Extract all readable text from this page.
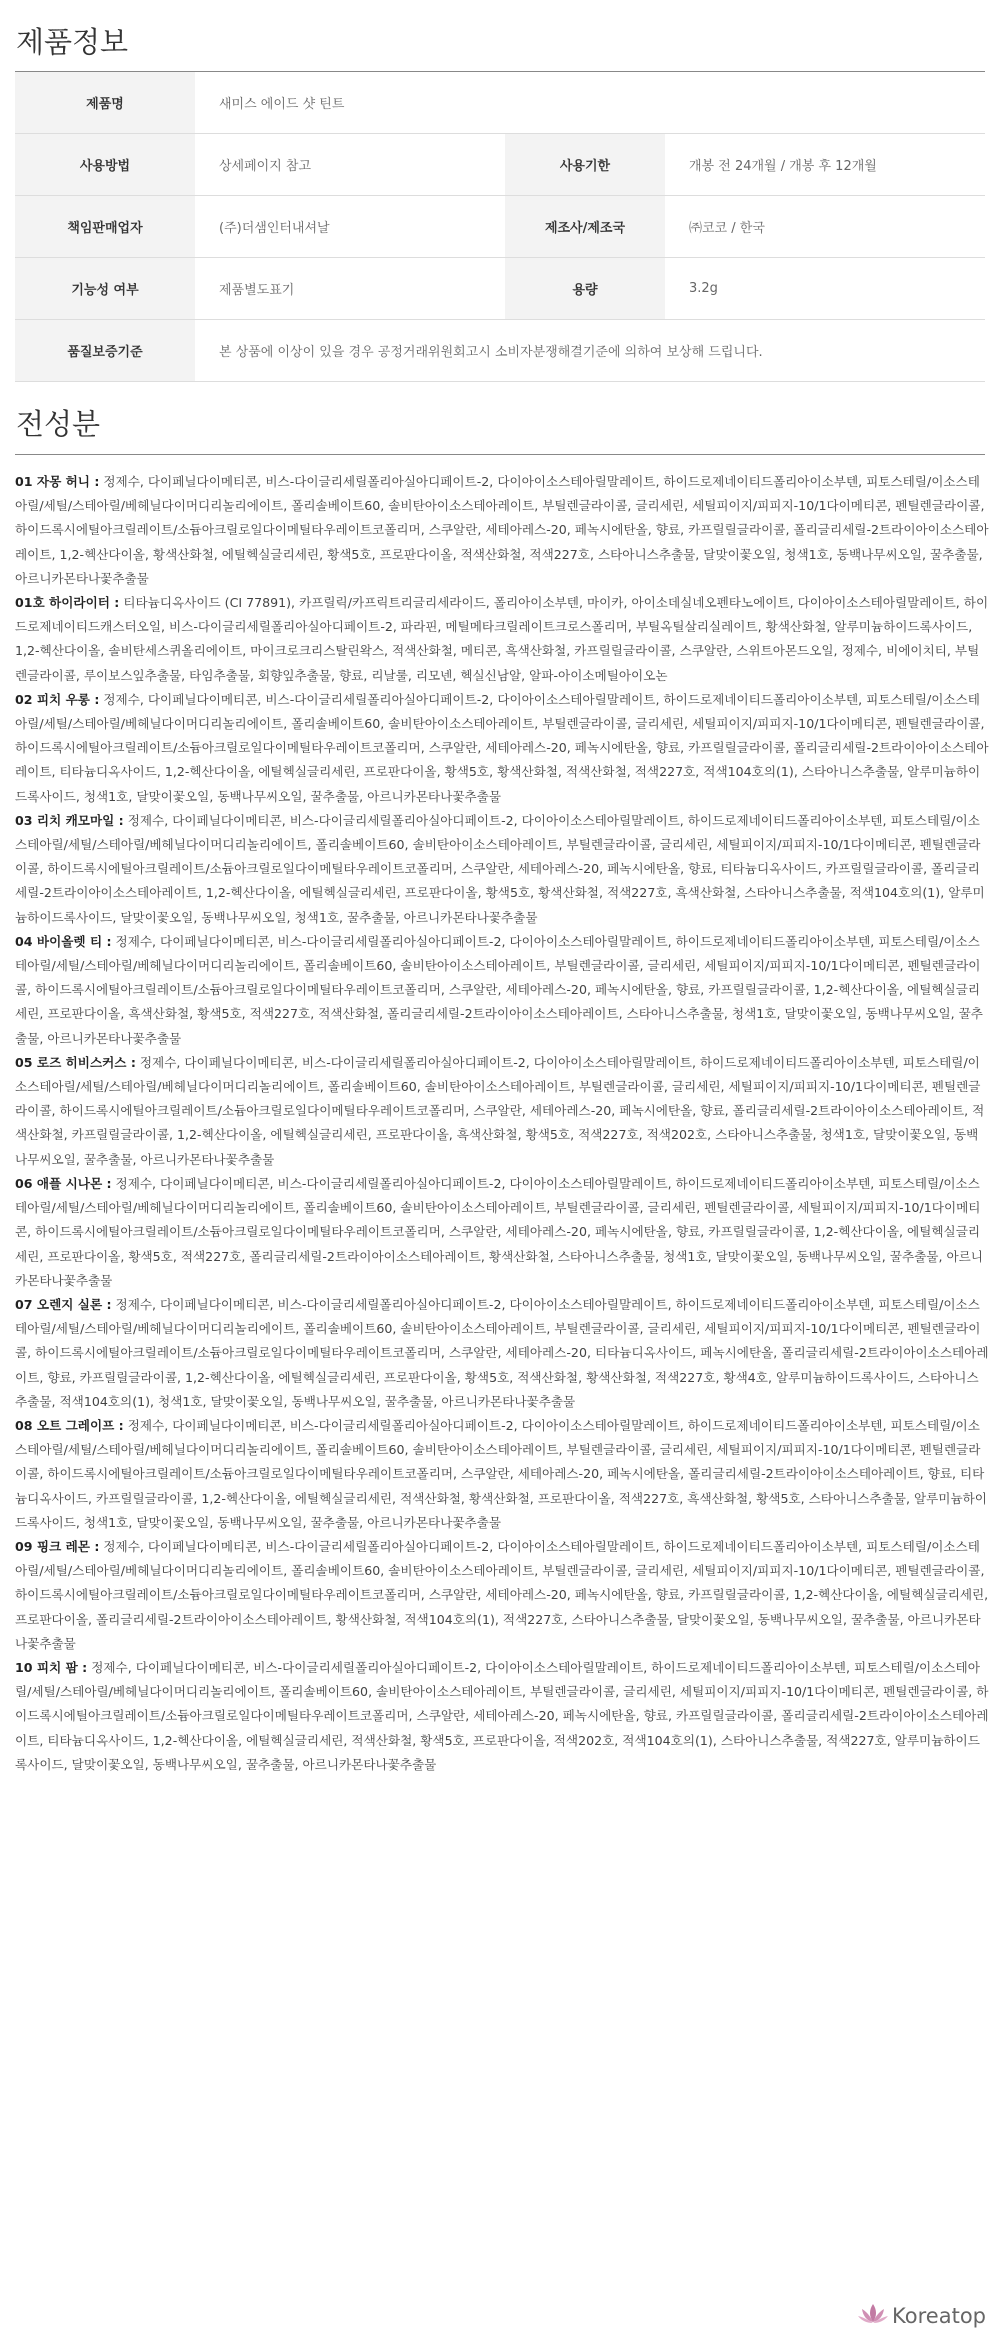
제품정보
제품명	새미스 에이드 샷 틴트		
사용방법	상세페이지 참고	사용기한	개봉 전 24개월 / 개봉 후 12개월
책임판매업자	(주)더샘인터내셔날	제조사/제조국	㈜코코 / 한국
기능성 여부	제품별도표기	용량	3.2g
품질보증기준	본 상품에 이상이 있을 경우 공정거래위원회고시 소비자분쟁해결기준에 의하여 보상해 드립니다.		
전성분

01 자몽 허니 : 정제수, 다이페닐다이메티콘, 비스-다이글리세릴폴리아실아디페이트-2, 다이아이소스테아릴말레이트, 하이드로제네이티드폴리아이소부텐, 피토스테릴/이소스테아릴/세틸/스테아릴/베헤닐다이머디리놀리에이트, 폴리솔베이트60, 솔비탄아이소스테아레이트, 부틸렌글라이콜, 글리세린, 세틸피이지/피피지-10/1다이메티콘, 펜틸렌글라이콜, 하이드록시에틸아크릴레이트/소듐아크릴로일다이메틸타우레이트코폴리머, 스쿠알란, 세테아레스-20, 페녹시에탄올, 향료, 카프릴릴글라이콜, 폴리글리세릴-2트라이아이소스테아레이트, 1,2-헥산다이올, 황색산화철, 에틸헥실글리세린, 황색5호, 프로판다이올, 적색산화철, 적색227호, 스타아니스추출물, 달맞이꽃오일, 청색1호, 동백나무씨오일, 꿀추출물, 아르니카몬타나꽃추출물

01호 하이라이터 : 티타늄디옥사이드 (CI 77891), 카프릴릭/카프릭트리글리세라이드, 폴리아이소부텐, 마이카, 아이소데실네오펜타노에이트, 다이아이소스테아릴말레이트, 하이드로제네이티드캐스터오일, 비스-다이글리세릴폴리아실아디페이트-2, 파라핀, 메틸메타크릴레이트크로스폴리머, 부틸옥틸살리실레이트, 황색산화철, 알루미늄하이드록사이드, 1,2-헥산다이올, 솔비탄세스퀴올리에이트, 마이크로크리스탈린왁스, 적색산화철, 메티콘, 흑색산화철, 카프릴릴글라이콜, 스쿠알란, 스위트아몬드오일, 정제수, 비에이치티, 부틸렌글라이콜, 루이보스잎추출물, 타임추출물, 회향잎추출물, 향료, 리날룰, 리모넨, 헥실신남알, 알파-아이소메틸아이오논

02 피치 우롱 : 정제수, 다이페닐다이메티콘, 비스-다이글리세릴폴리아실아디페이트-2, 다이아이소스테아릴말레이트, 하이드로제네이티드폴리아이소부텐, 피토스테릴/이소스테아릴/세틸/스테아릴/베헤닐다이머디리놀리에이트, 폴리솔베이트60, 솔비탄아이소스테아레이트, 부틸렌글라이콜, 글리세린, 세틸피이지/피피지-10/1다이메티콘, 펜틸렌글라이콜, 하이드록시에틸아크릴레이트/소듐아크릴로일다이메틸타우레이트코폴리머, 스쿠알란, 세테아레스-20, 페녹시에탄올, 향료, 카프릴릴글라이콜, 폴리글리세릴-2트라이아이소스테아레이트, 티타늄디옥사이드, 1,2-헥산다이올, 에틸헥실글리세린, 프로판다이올, 황색5호, 황색산화철, 적색산화철, 적색227호, 적색104호의(1), 스타아니스추출물, 알루미늄하이드록사이드, 청색1호, 달맞이꽃오일, 동백나무씨오일, 꿀추출물, 아르니카몬타나꽃추출물

03 리치 캐모마일 : 정제수, 다이페닐다이메티콘, 비스-다이글리세릴폴리아실아디페이트-2, 다이아이소스테아릴말레이트, 하이드로제네이티드폴리아이소부텐, 피토스테릴/이소스테아릴/세틸/스테아릴/베헤닐다이머디리놀리에이트, 폴리솔베이트60, 솔비탄아이소스테아레이트, 부틸렌글라이콜, 글리세린, 세틸피이지/피피지-10/1다이메티콘, 펜틸렌글라이콜, 하이드록시에틸아크릴레이트/소듐아크릴로일다이메틸타우레이트코폴리머, 스쿠알란, 세테아레스-20, 페녹시에탄올, 향료, 티타늄디옥사이드, 카프릴릴글라이콜, 폴리글리세릴-2트라이아이소스테아레이트, 1,2-헥산다이올, 에틸헥실글리세린, 프로판다이올, 황색5호, 황색산화철, 적색227호, 흑색산화철, 스타아니스추출물, 적색104호의(1), 알루미늄하이드록사이드, 달맞이꽃오일, 동백나무씨오일, 청색1호, 꿀추출물, 아르니카몬타나꽃추출물

04 바이올렛 티 : 정제수, 다이페닐다이메티콘, 비스-다이글리세릴폴리아실아디페이트-2, 다이아이소스테아릴말레이트, 하이드로제네이티드폴리아이소부텐, 피토스테릴/이소스테아릴/세틸/스테아릴/베헤닐다이머디리놀리에이트, 폴리솔베이트60, 솔비탄아이소스테아레이트, 부틸렌글라이콜, 글리세린, 세틸피이지/피피지-10/1다이메티콘, 펜틸렌글라이콜, 하이드록시에틸아크릴레이트/소듐아크릴로일다이메틸타우레이트코폴리머, 스쿠알란, 세테아레스-20, 페녹시에탄올, 향료, 카프릴릴글라이콜, 1,2-헥산다이올, 에틸헥실글리세린, 프로판다이올, 흑색산화철, 황색5호, 적색227호, 적색산화철, 폴리글리세릴-2트라이아이소스테아레이트, 스타아니스추출물, 청색1호, 달맞이꽃오일, 동백나무씨오일, 꿀추출물, 아르니카몬타나꽃추출물

05 로즈 히비스커스 : 정제수, 다이페닐다이메티콘, 비스-다이글리세릴폴리아실아디페이트-2, 다이아이소스테아릴말레이트, 하이드로제네이티드폴리아이소부텐, 피토스테릴/이소스테아릴/세틸/스테아릴/베헤닐다이머디리놀리에이트, 폴리솔베이트60, 솔비탄아이소스테아레이트, 부틸렌글라이콜, 글리세린, 세틸피이지/피피지-10/1다이메티콘, 펜틸렌글라이콜, 하이드록시에틸아크릴레이트/소듐아크릴로일다이메틸타우레이트코폴리머, 스쿠알란, 세테아레스-20, 페녹시에탄올, 향료, 폴리글리세릴-2트라이아이소스테아레이트, 적색산화철, 카프릴릴글라이콜, 1,2-헥산다이올, 에틸헥실글리세린, 프로판다이올, 흑색산화철, 황색5호, 적색227호, 적색202호, 스타아니스추출물, 청색1호, 달맞이꽃오일, 동백나무씨오일, 꿀추출물, 아르니카몬타나꽃추출물

06 애플 시나몬 : 정제수, 다이페닐다이메티콘, 비스-다이글리세릴폴리아실아디페이트-2, 다이아이소스테아릴말레이트, 하이드로제네이티드폴리아이소부텐, 피토스테릴/이소스테아릴/세틸/스테아릴/베헤닐다이머디리놀리에이트, 폴리솔베이트60, 솔비탄아이소스테아레이트, 부틸렌글라이콜, 글리세린, 펜틸렌글라이콜, 세틸피이지/피피지-10/1다이메티콘, 하이드록시에틸아크릴레이트/소듐아크릴로일다이메틸타우레이트코폴리머, 스쿠알란, 세테아레스-20, 페녹시에탄올, 향료, 카프릴릴글라이콜, 1,2-헥산다이올, 에틸헥실글리세린, 프로판다이올, 황색5호, 적색227호, 폴리글리세릴-2트라이아이소스테아레이트, 황색산화철, 스타아니스추출물, 청색1호, 달맞이꽃오일, 동백나무씨오일, 꿀추출물, 아르니카몬타나꽃추출물

07 오렌지 실론 : 정제수, 다이페닐다이메티콘, 비스-다이글리세릴폴리아실아디페이트-2, 다이아이소스테아릴말레이트, 하이드로제네이티드폴리아이소부텐, 피토스테릴/이소스테아릴/세틸/스테아릴/베헤닐다이머디리놀리에이트, 폴리솔베이트60, 솔비탄아이소스테아레이트, 부틸렌글라이콜, 글리세린, 세틸피이지/피피지-10/1다이메티콘, 펜틸렌글라이콜, 하이드록시에틸아크릴레이트/소듐아크릴로일다이메틸타우레이트코폴리머, 스쿠알란, 세테아레스-20, 티타늄디옥사이드, 페녹시에탄올, 폴리글리세릴-2트라이아이소스테아레이트, 향료, 카프릴릴글라이콜, 1,2-헥산다이올, 에틸헥실글리세린, 프로판다이올, 황색5호, 적색산화철, 황색산화철, 적색227호, 황색4호, 알루미늄하이드록사이드, 스타아니스추출물, 적색104호의(1), 청색1호, 달맞이꽃오일, 동백나무씨오일, 꿀추출물, 아르니카몬타나꽃추출물

08 오트 그레이프 : 정제수, 다이페닐다이메티콘, 비스-다이글리세릴폴리아실아디페이트-2, 다이아이소스테아릴말레이트, 하이드로제네이티드폴리아이소부텐, 피토스테릴/이소스테아릴/세틸/스테아릴/베헤닐다이머디리놀리에이트, 폴리솔베이트60, 솔비탄아이소스테아레이트, 부틸렌글라이콜, 글리세린, 세틸피이지/피피지-10/1다이메티콘, 펜틸렌글라이콜, 하이드록시에틸아크릴레이트/소듐아크릴로일다이메틸타우레이트코폴리머, 스쿠알란, 세테아레스-20, 페녹시에탄올, 폴리글리세릴-2트라이아이소스테아레이트, 향료, 티타늄디옥사이드, 카프릴릴글라이콜, 1,2-헥산다이올, 에틸헥실글리세린, 적색산화철, 황색산화철, 프로판다이올, 적색227호, 흑색산화철, 황색5호, 스타아니스추출물, 알루미늄하이드록사이드, 청색1호, 달맞이꽃오일, 동백나무씨오일, 꿀추출물, 아르니카몬타나꽃추출물

09 핑크 레몬 : 정제수, 다이페닐다이메티콘, 비스-다이글리세릴폴리아실아디페이트-2, 다이아이소스테아릴말레이트, 하이드로제네이티드폴리아이소부텐, 피토스테릴/이소스테아릴/세틸/스테아릴/베헤닐다이머디리놀리에이트, 폴리솔베이트60, 솔비탄아이소스테아레이트, 부틸렌글라이콜, 글리세린, 세틸피이지/피피지-10/1다이메티콘, 펜틸렌글라이콜, 하이드록시에틸아크릴레이트/소듐아크릴로일다이메틸타우레이트코폴리머, 스쿠알란, 세테아레스-20, 페녹시에탄올, 향료, 카프릴릴글라이콜, 1,2-헥산다이올, 에틸헥실글리세린, 프로판다이올, 폴리글리세릴-2트라이아이소스테아레이트, 황색산화철, 적색104호의(1), 적색227호, 스타아니스추출물, 달맞이꽃오일, 동백나무씨오일, 꿀추출물, 아르니카몬타나꽃추출물

10 피치 팜 : 정제수, 다이페닐다이메티콘, 비스-다이글리세릴폴리아실아디페이트-2, 다이아이소스테아릴말레이트, 하이드로제네이티드폴리아이소부텐, 피토스테릴/이소스테아릴/세틸/스테아릴/베헤닐다이머디리놀리에이트, 폴리솔베이트60, 솔비탄아이소스테아레이트, 부틸렌글라이콜, 글리세린, 세틸피이지/피피지-10/1다이메티콘, 펜틸렌글라이콜, 하이드록시에틸아크릴레이트/소듐아크릴로일다이메틸타우레이트코폴리머, 스쿠알란, 세테아레스-20, 페녹시에탄올, 향료, 카프릴릴글라이콜, 폴리글리세릴-2트라이아이소스테아레이트, 티타늄디옥사이드, 1,2-헥산다이올, 에틸헥실글리세린, 적색산화철, 황색5호, 프로판다이올, 적색202호, 적색104호의(1), 스타아니스추출물, 적색227호, 알루미늄하이드록사이드, 달맞이꽃오일, 동백나무씨오일, 꿀추출물, 아르니카몬타나꽃추출물

Koreatop
